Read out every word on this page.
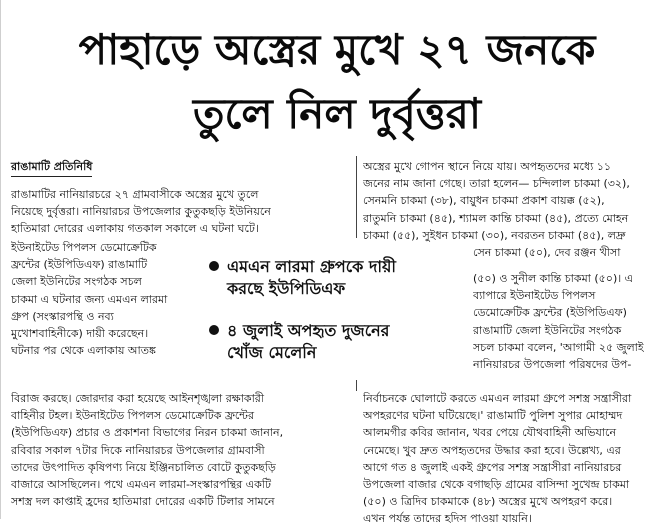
পাহাড়ে অস্ত্রের মুখে ২৭ জনকে
তুলে নিল দুর্বৃত্তরা
রাঙামাটি প্রতিনিধি
রাঙামাটির নানিয়ারচরে ২৭ গ্রামবাসীকে অস্ত্রের মুখে তুলে
নিয়েছে দুর্বৃত্তরা। নানিয়ারচর উপজেলার কুতুকছড়ি ইউনিয়নে
হাতিমারা দোরের এলাকায় গতকাল সকালে এ ঘটনা ঘটে।
ইউনাইটেড পিপলস ডেমোক্রেটিক
ফ্রন্টের (ইউপিডিএফ) রাঙামাটি
জেলা ইউনিটের সংগঠক সচল
চাকমা এ ঘটনার জন্য এমএন লারমা
গ্রুপ (সংস্কারপন্থি ও নব্য
মুখোশবাহিনীকে) দায়ী করেছেন।
ঘটনার পর থেকে এলাকায় আতঙ্ক
বিরাজ করছে। জোরদার করা হয়েছে আইনশৃঙ্খলা রক্ষাকারী
বাহিনীর টহল। ইউনাইটেড পিপলস ডেমোক্রেটিক ফ্রন্টের
(ইউপিডিএফ) প্রচার ও প্রকাশনা বিভাগের নিরন চাকমা জানান,
রবিবার সকাল ৭টার দিকে নানিয়ারচর উপজেলার গ্রামবাসী
তাদের উৎপাদিত কৃষিপণ্য নিয়ে ইঞ্জিনচালিত বোটে কুতুকছড়ি
বাজারে আসছিলেন। পথে এমএন লারমা-সংস্কারপন্থির একটি
সশস্ত্র দল কাপ্তাই হ্রদের হাতিমারা দোরের একটি টিলার সামনে
এমএন লারমা গ্রুপকে দায়ী
করছে ইউপিডিএফ
৪ জুলাই অপহৃত দুজনের
খোঁজ মেলেনি
অস্ত্রের মুখে গোপন স্থানে নিয়ে যায়। অপহৃতদের মধ্যে ১১
জনের নাম জানা গেছে। তারা হলেন— চন্দিলাল চাকমা (৩২),
সেনমনি চাকমা (৩৮), বায়ুধন চাকমা প্রকাশ বায়ক্ক (৫২),
রাতুমনি চাকমা (৪৫), শ্যামল কান্তি চাকমা (৪৫), প্রত্যে মোহন
চাকমা (৫৫), সুইধন চাকমা (৩০), নবরতন চাকমা (৪৫), লদ্রু
সেন চাকমা (৫০), দেব রঞ্জন খীসা
(৫০) ও সুনীল কান্তি চাকমা (৫০)। এ
ব্যাপারে ইউনাইটেড পিপলস
ডেমোক্রেটিক ফ্রন্টের (ইউপিডিএফ)
রাঙামাটি জেলা ইউনিটের সংগঠক
সচল চাকমা বলেন, 'আগামী ২৫ জুলাই
নানিয়ারচর উপজেলা পরিষদের উপ-
নির্বাচনকে ঘোলাটে করতে এমএন লারমা গ্রুপে সশস্ত্র সন্ত্রাসীরা
অপহরণের ঘটনা ঘটিয়েছে।' রাঙামাটি পুলিশ সুপার মোহাম্মদ
আলমগীর কবির জানান, খবর পেয়ে যৌথবাহিনী অভিযানে
নেমেছে। খুব দ্রুত অপহৃতদের উদ্ধার করা হবে। উল্লেখ্য, এর
আগে গত ৪ জুলাই একই গ্রুপের সশস্ত্র সন্ত্রাসীরা নানিয়ারচর
উপজেলা বাজার থেকে বগাছড়ি গ্রামের বাসিন্দা সুখেন্দ্র চাকমা
(৫০) ও ত্রিদিব চাকমাকে (৪৮) অস্ত্রের মুখে অপহরণ করে।
এখন পর্যন্ত তাদের হদিস পাওয়া যায়নি।
